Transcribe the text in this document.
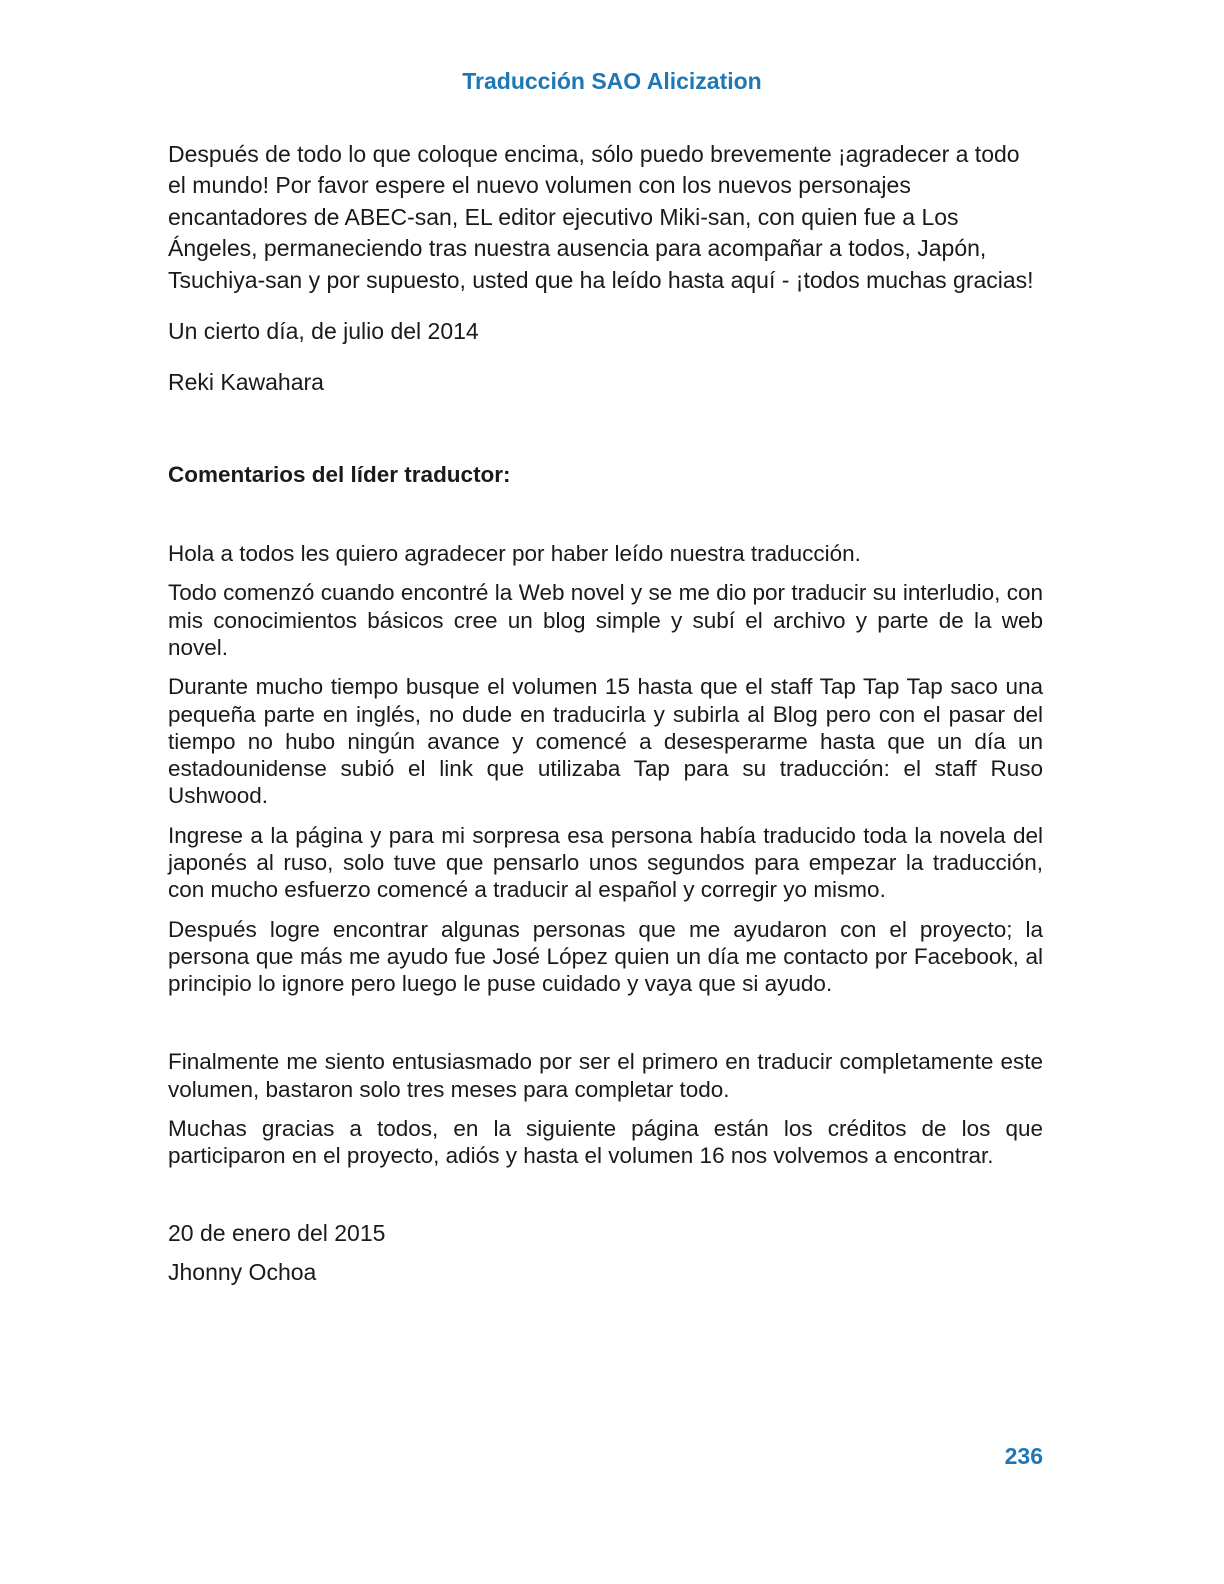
Traducción SAO Alicization

Después de todo lo que coloque encima, sólo puedo brevemente ¡agradecer a todo el mundo! Por favor espere el nuevo volumen con los nuevos personajes encantadores de ABEC-san, EL editor ejecutivo Miki-san, con quien fue a Los Ángeles, permaneciendo tras nuestra ausencia para acompañar a todos, Japón, Tsuchiya-san y por supuesto, usted que ha leído hasta aquí - ¡todos muchas gracias!

Un cierto día, de julio del 2014

Reki Kawahara

Comentarios del líder traductor:

Hola a todos les quiero agradecer por haber leído nuestra traducción.

Todo comenzó cuando encontré la Web novel y se me dio por traducir su interludio, con mis conocimientos básicos cree un blog simple y subí el archivo y parte de la web novel.

Durante mucho tiempo busque el volumen 15 hasta que el staff Tap Tap Tap saco una pequeña parte en inglés, no dude en traducirla y subirla al Blog pero con el pasar del tiempo no hubo ningún avance y comencé a desesperarme hasta que un día un estadounidense subió el link que utilizaba Tap para su traducción: el staff Ruso Ushwood.

Ingrese a la página y para mi sorpresa esa persona había traducido toda la novela del japonés al ruso, solo tuve que pensarlo unos segundos para empezar la traducción, con mucho esfuerzo comencé a traducir al español y corregir yo mismo.

Después logre encontrar algunas personas que me ayudaron con el proyecto; la persona que más me ayudo fue José López quien un día me contacto por Facebook, al principio lo ignore pero luego le puse cuidado y vaya que si ayudo.

Finalmente me siento entusiasmado por ser el primero en traducir completamente este volumen, bastaron solo tres meses para completar todo.

Muchas gracias a todos, en la siguiente página están los créditos de los que participaron en el proyecto, adiós y hasta el volumen 16 nos volvemos a encontrar.

20 de enero del 2015

Jhonny Ochoa

236
